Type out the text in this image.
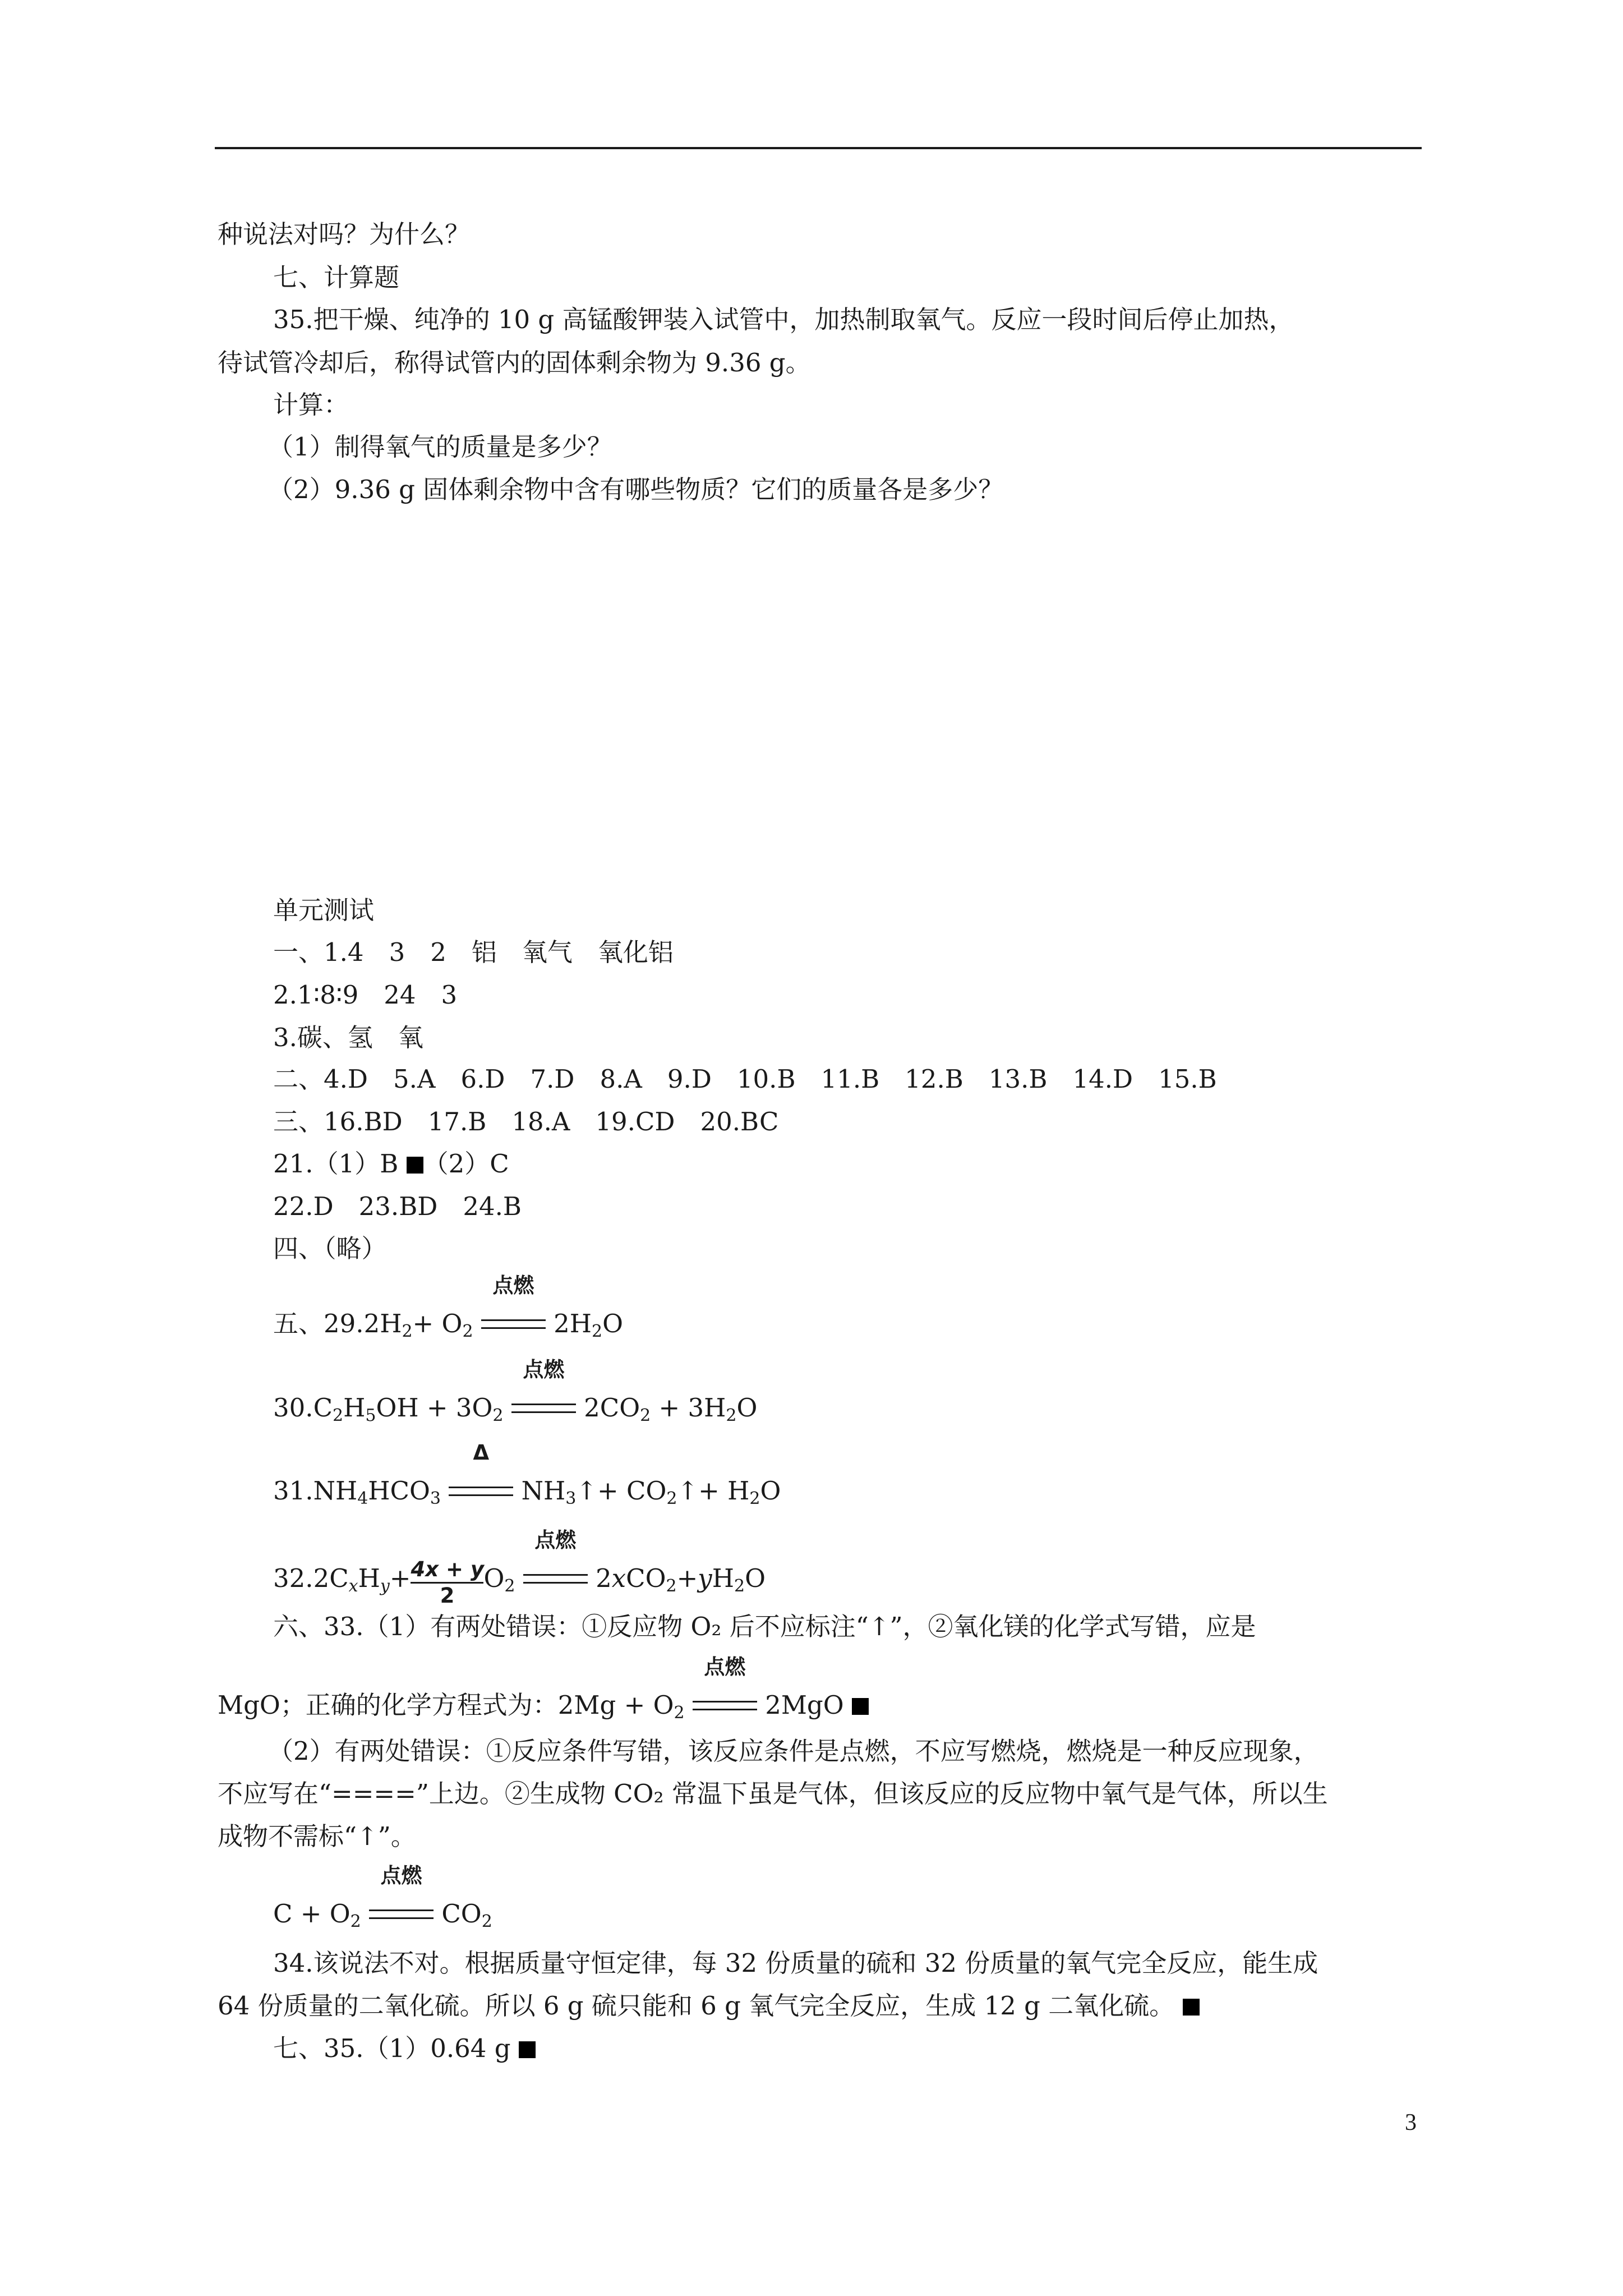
种说法对吗？为什么？
七、计算题
35.把干燥、纯净的 10 g 高锰酸钾装入试管中，加热制取氧气。反应一段时间后停止加热，
待试管冷却后，称得试管内的固体剩余物为 9.36 g。
计算：
（1）制得氧气的质量是多少？
（2）9.36 g 固体剩余物中含有哪些物质？它们的质量各是多少？
单元测试
一、1.4　3　2　铝　氧气　氧化铝
2.1∶8∶9　24　3
3.碳、氢　氧
二、4.D　5.A　6.D　7.D　8.A　9.D　10.B　11.B　12.B　13.B　14.D　15.B
三、16.BD　17.B　18.A　19.CD　20.BC
21.（1）B （2）C
22.D　23.BD　24.B
四、（略）
五、$29.2H_2+ O_2$
点燃
$2H_2O$
$30.C_2H_5OH + 3O_2$
点燃
$2CO_2 + 3H_2O$
$31.NH_4HCO_3$
Δ
$NH_3↑+$ $CO_2↑+ H_2O$
$32.2C_xH_y+ \frac{4x + y}{2} O_2$
点燃
$2xCO_2+yH_2O$
六、33.（1）有两处错误：①反应物 O₂ 后不应标注“↑”，②氧化镁的化学式写错，应是
MgO；正确的化学方程式为：$2Mg + O_2$
点燃
2MgO
（2）有两处错误：①反应条件写错，该反应条件是点燃，不应写燃烧，燃烧是一种反应现象，
不应写在“====”上边。②生成物 CO₂ 常温下虽是气体，但该反应的反应物中氧气是气体，所以生
成物不需标“↑”。
$C + O_2$
点燃
$CO_2$
34.该说法不对。根据质量守恒定律，每 32 份质量的硫和 32 份质量的氧气完全反应，能生成
64 份质量的二氧化硫。所以 6 g 硫只能和 6 g 氧气完全反应，生成 12 g 二氧化硫。
七、35.（1）0.64 g
3
